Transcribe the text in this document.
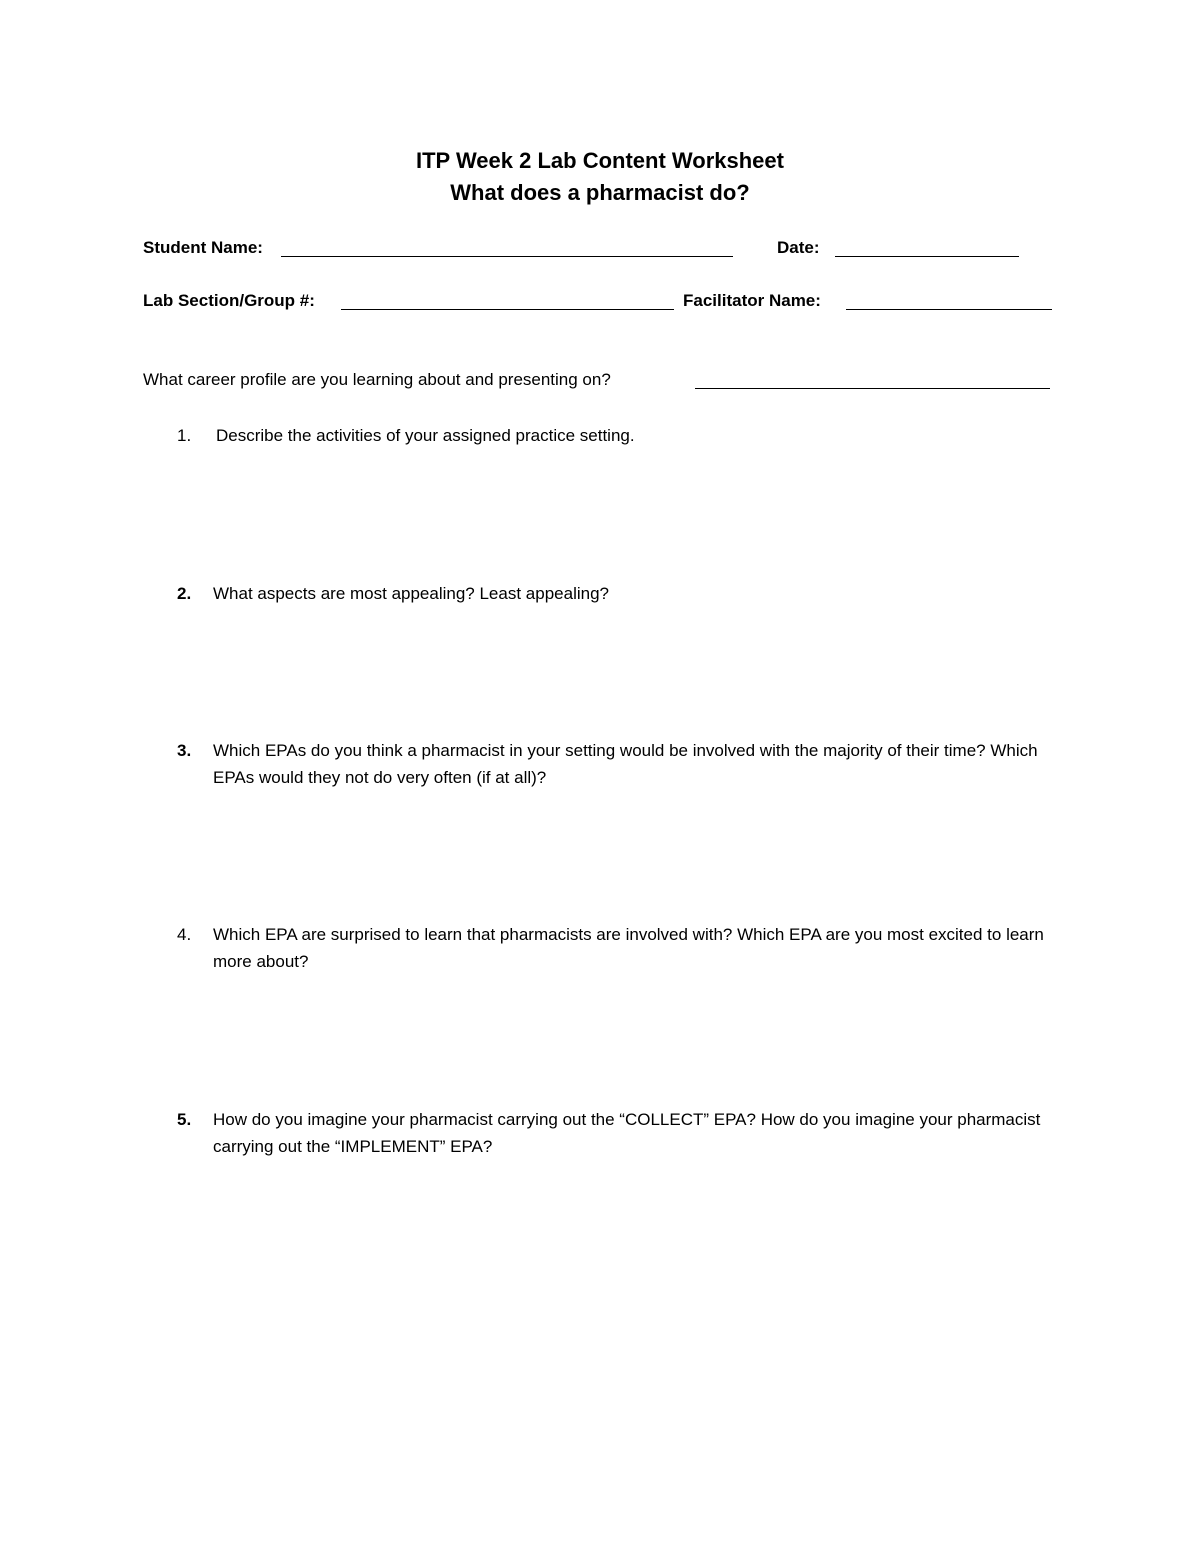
ITP Week 2 Lab Content Worksheet
What does a pharmacist do?
Student Name:	Date:
Lab Section/Group #:	Facilitator Name:
What career profile are you learning about and presenting on?
1. Describe the activities of your assigned practice setting.
2. What aspects are most appealing? Least appealing?
3. Which EPAs do you think a pharmacist in your setting would be involved with the majority of their time? Which EPAs would they not do very often (if at all)?
4. Which EPA are surprised to learn that pharmacists are involved with? Which EPA are you most excited to learn more about?
5. How do you imagine your pharmacist carrying out the “COLLECT” EPA? How do you imagine your pharmacist carrying out the “IMPLEMENT” EPA?
